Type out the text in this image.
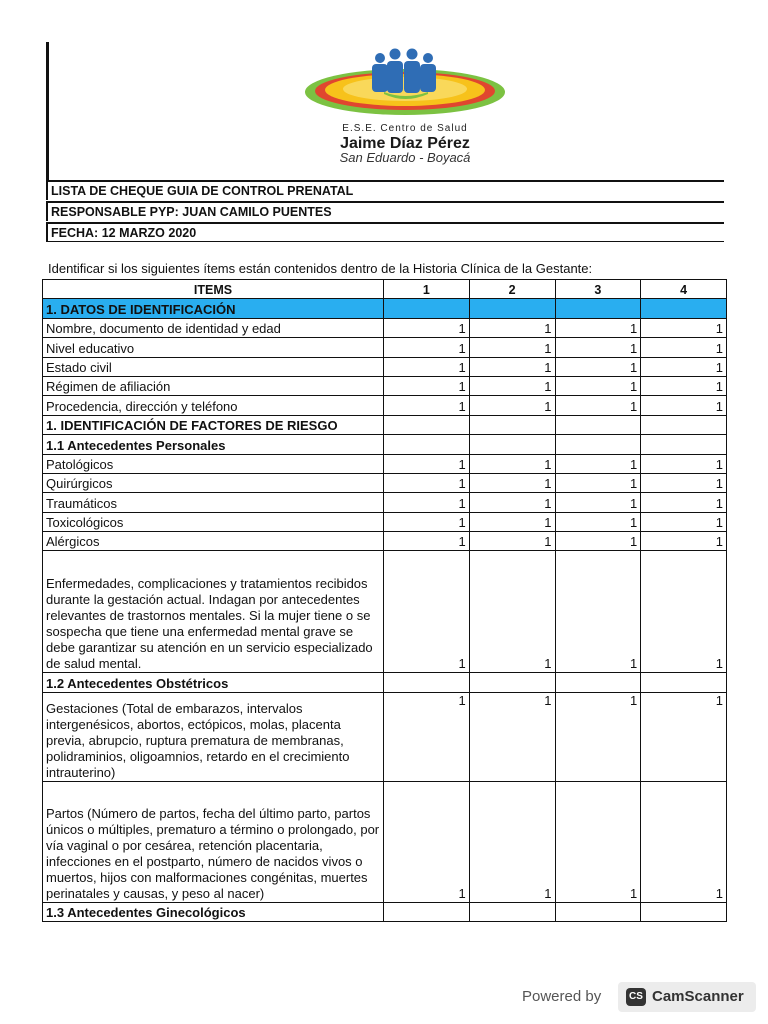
E.S.E. Centro de Salud
Jaime Díaz Pérez
San Eduardo - Boyacá
LISTA DE CHEQUE GUIA DE CONTROL PRENATAL
RESPONSABLE PYP: JUAN CAMILO PUENTES
FECHA: 12 MARZO 2020
Identificar si los siguientes ítems están contenidos dentro de la Historia Clínica de la Gestante:
ITEMS	1	2	3	4
1. DATOS DE IDENTIFICACIÓN				
Nombre, documento de identidad y edad	1	1	1	1
Nivel educativo	1	1	1	1
Estado civil	1	1	1	1
Régimen de afiliación	1	1	1	1
Procedencia, dirección y teléfono	1	1	1	1
1. IDENTIFICACIÓN DE FACTORES DE RIESGO				
1.1 Antecedentes Personales				
Patológicos	1	1	1	1
Quirúrgicos	1	1	1	1
Traumáticos	1	1	1	1
Toxicológicos	1	1	1	1
Alérgicos	1	1	1	1
Enfermedades, complicaciones y tratamientos recibidos durante la gestación actual. Indagan por antecedentes relevantes de trastornos mentales. Si la mujer tiene o se sospecha que tiene una enfermedad mental grave se debe garantizar su atención en un servicio especializado de salud mental.	1	1	1	1
1.2 Antecedentes Obstétricos				
Gestaciones (Total de embarazos, intervalos intergenésicos, abortos, ectópicos, molas, placenta previa, abrupcio, ruptura prematura de membranas, polidraminios, oligoamnios, retardo en el crecimiento intrauterino)	1	1	1	1
Partos (Número de partos, fecha del último parto, partos únicos o múltiples, prematuro a término o prolongado, por vía vaginal o por cesárea, retención placentaria, infecciones en el postparto, número de nacidos vivos o muertos, hijos con malformaciones congénitas, muertes perinatales y causas, y peso al nacer)	1	1	1	1
1.3 Antecedentes Ginecológicos				
Powered by	CS CamScanner
